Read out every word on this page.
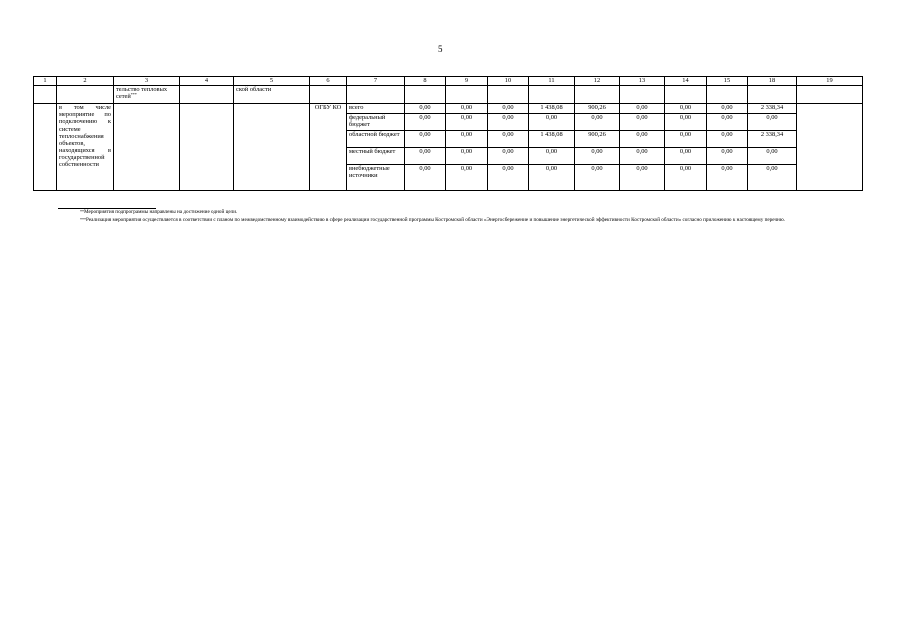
5
1	2	3	4	5	6	7	8	9	10	11	12	13	14	15	18	19
		тельство тепловых сетей***		ской области												
	в том числе мероприятие по подключению к системе теплоснабжения объектов, находящихся в государственной собственности				ОГБУ КО	всего	0,00	0,00	0,00	1 438,08	900,26	0,00	0,00	0,00	2 338,34	
						федеральный бюджет	0,00	0,00	0,00	0,00	0,00	0,00	0,00	0,00	0,00	
						областной бюджет	0,00	0,00	0,00	1 438,08	900,26	0,00	0,00	0,00	2 338,34	
						местный бюджет	0,00	0,00	0,00	0,00	0,00	0,00	0,00	0,00	0,00	
						внебюджетные источники	0,00	0,00	0,00	0,00	0,00	0,00	0,00	0,00	0,00	

**Мероприятия подпрограммы направлены на достижение одной цели.

***Реализация мероприятия осуществляется в соответствии с планом по межведомственному взаимодействию в сфере реализации государственной программы Костромской области «Энергосбережение и повышение энергетической эффективности Костромской области» согласно приложению к настоящему перечню.
